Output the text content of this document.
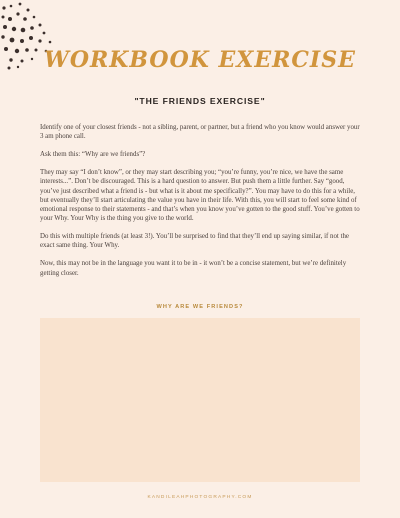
WORKBOOK EXERCISE
"THE FRIENDS EXERCISE"

Identify one of your closest friends - not a sibling, parent, or partner, but a friend who you know would answer your 3 am phone call.

Ask them this: “Why are we friends”?

They may say “I don’t know”, or they may start describing you; “you’re funny, you’re nice, we have the same interests...”. Don’t be discouraged. This is a hard question to answer. But push them a little further. Say “good, you’ve just described what a friend is - but what is it about me specifically?”. You may have to do this for a while, but eventually they’ll start articulating the value you have in their life. With this, you will start to feel some kind of emotional response to their statements - and that’s when you know you’ve gotten to the good stuff. You’ve gotten to your Why. Your Why is the thing you give to the world.

Do this with multiple friends (at least 3!). You’ll be surprised to find that they’ll end up saying similar, if not the exact same thing. Your Why.

Now, this may not be in the language you want it to be in - it won’t be a concise statement, but we’re definitely getting closer.

WHY ARE WE FRIENDS?
KANDILEAHPHOTOGRAPHY.COM
